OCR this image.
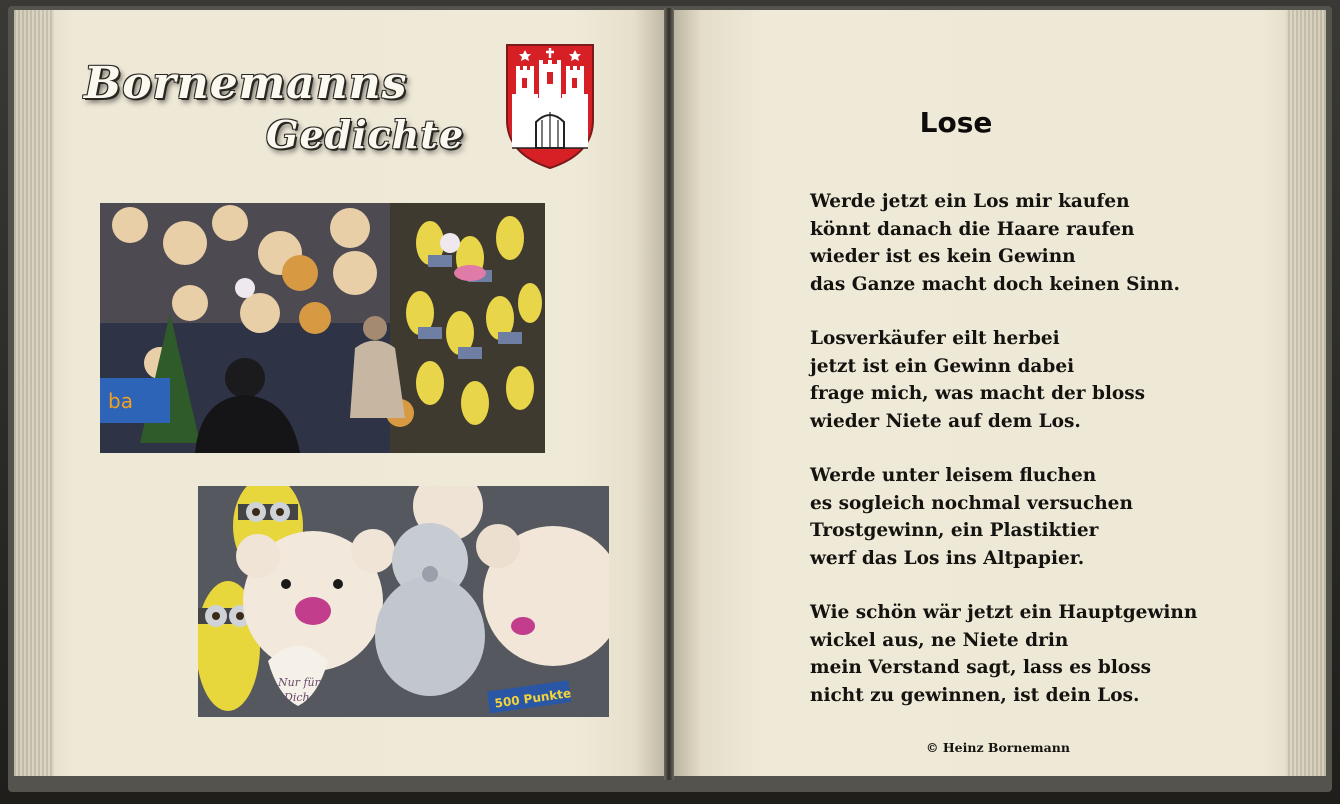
Bornemanns
Gedichte
ba
Nur für
Dich ♡	500 Punkte
Lose
Werde jetzt ein Los mir kaufen
könnt danach die Haare raufen
wieder ist es kein Gewinn
das Ganze macht doch keinen Sinn.
Losverkäufer eilt herbei
jetzt ist ein Gewinn dabei
frage mich, was macht der bloss
wieder Niete auf dem Los.
Werde unter leisem fluchen
es sogleich nochmal versuchen
Trostgewinn, ein Plastiktier
werf das Los ins Altpapier.
Wie schön wär jetzt ein Hauptgewinn
wickel aus, ne Niete drin
mein Verstand sagt, lass es bloss
nicht zu gewinnen, ist dein Los.
© Heinz Bornemann
